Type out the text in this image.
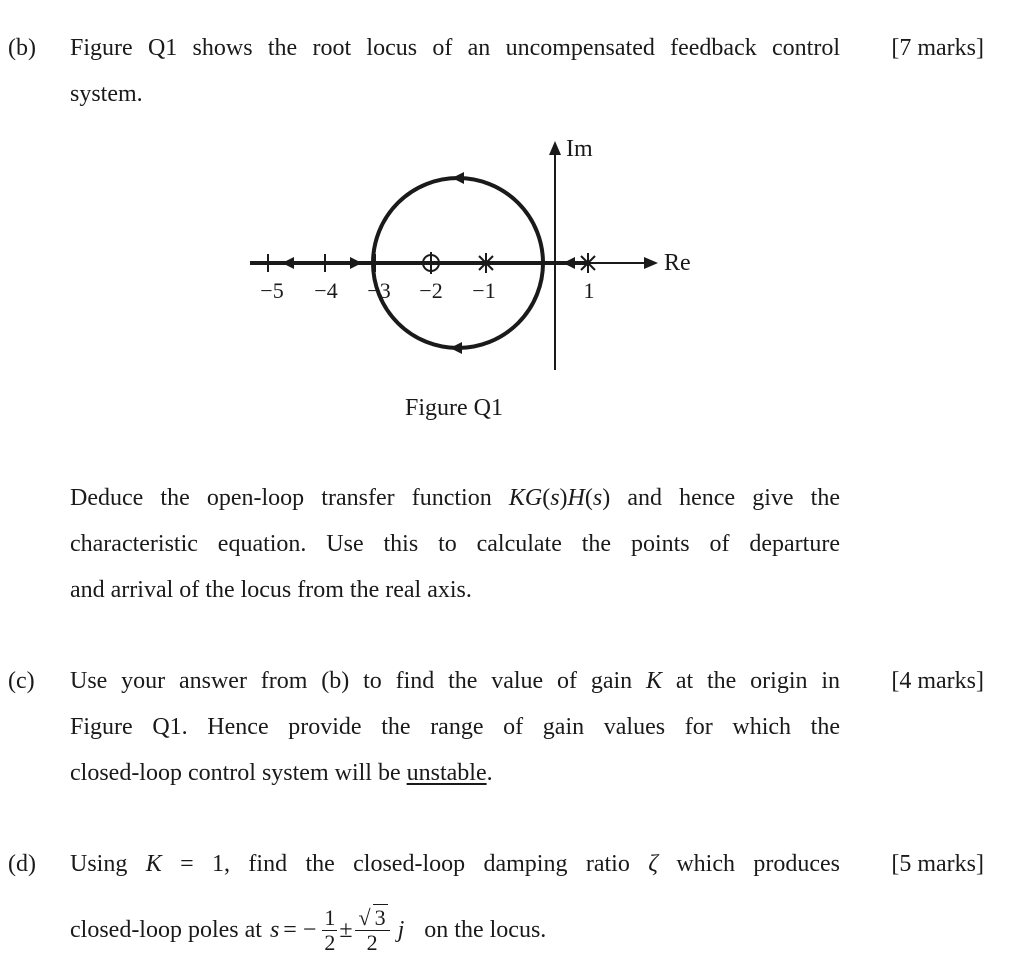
(b) Figure Q1 shows the root locus of an uncompensated feedback control	[7 marks]
system.
Im
Re
−5 −4 −3 −2 −1	1
Figure Q1
Deduce the open-loop transfer function KG(s)H(s) and hence give the
characteristic equation. Use this to calculate the points of departure
and arrival of the locus from the real axis.
(c) Use your answer from (b) to find the value of gain K at the origin in	[4 marks]
Figure Q1. Hence provide the range of gain values for which the
closed-loop control system will be unstable.
(d) Using K = 1, find the closed-loop damping ratio ζ which produces	[5 marks]
closed-loop poles at s = − $\frac{1}{2} \pm \frac{√ 3}{2}$ j on the locus.
